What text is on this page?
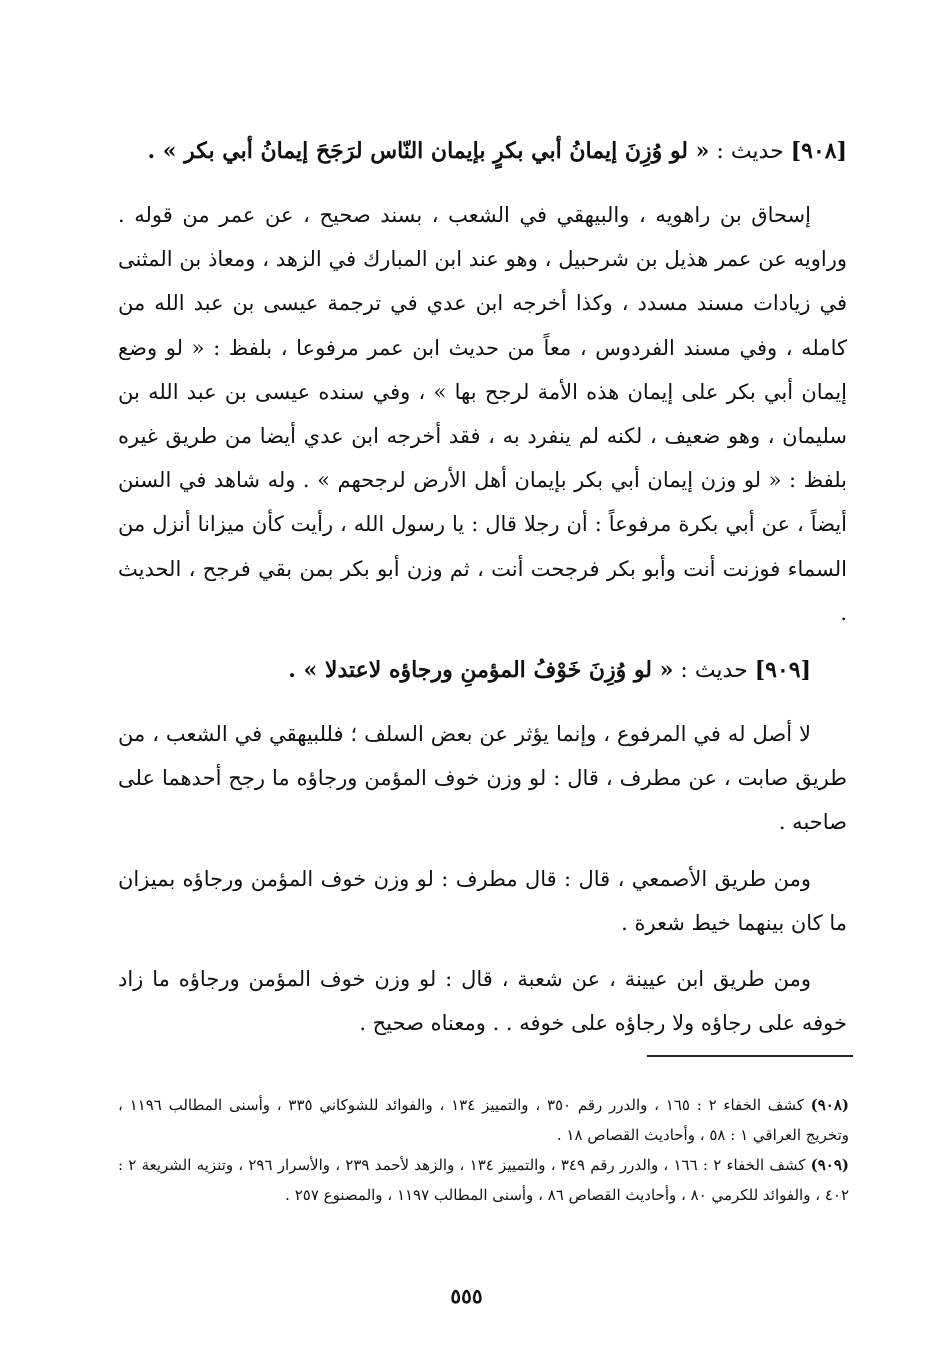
[٩٠٨] حديث : « لو وُزِنَ إيمانُ أبي بكرٍ بإيمان النّاس لرَجَحَ إيمانُ أبي بكر » .

إسحاق بن راهويه ، والبيهقي في الشعب ، بسند صحيح ، عن عمر من قوله . وراويه عن عمر هذيل بن شرحبيل ، وهو عند ابن المبارك في الزهد ، ومعاذ بن المثنى في زيادات مسند مسدد ، وكذا أخرجه ابن عدي في ترجمة عيسى بن عبد الله من كامله ، وفي مسند الفردوس ، معاً من حديث ابن عمر مرفوعا ، بلفظ : « لو وضع إيمان أبي بكر على إيمان هذه الأمة لرجح بها » ، وفي سنده عيسى بن عبد الله بن سليمان ، وهو ضعيف ، لكنه لم ينفرد به ، فقد أخرجه ابن عدي أيضا من طريق غيره بلفظ : « لو وزن إيمان أبي بكر بإيمان أهل الأرض لرجحهم » . وله شاهد في السنن أيضاً ، عن أبي بكرة مرفوعاً : أن رجلا قال : يا رسول الله ، رأيت كأن ميزانا أنزل من السماء فوزنت أنت وأبو بكر فرجحت أنت ، ثم وزن أبو بكر بمن بقي فرجح ، الحديث .

[٩٠٩] حديث : « لو وُزِنَ خَوْفُ المؤمنِ ورجاؤه لاعتدلا » .

لا أصل له في المرفوع ، وإنما يؤثر عن بعض السلف ؛ فللبيهقي في الشعب ، من طريق صابت ، عن مطرف ، قال : لو وزن خوف المؤمن ورجاؤه ما رجح أحدهما على صاحبه .

ومن طريق الأصمعي ، قال : قال مطرف : لو وزن خوف المؤمن ورجاؤه بميزان ما كان بينهما خيط شعرة .

ومن طريق ابن عيينة ، عن شعبة ، قال : لو وزن خوف المؤمن ورجاؤه ما زاد خوفه على رجاؤه ولا رجاؤه على خوفه . . ومعناه صحيح .

(٩٠٨) كشف الخفاء ٢ : ١٦٥ ، والدرر رقم ٣٥٠ ، والتمييز ١٣٤ ، والفوائد للشوكاني ٣٣٥ ، وأسنى المطالب ١١٩٦ ، وتخريج العراقي ١ : ٥٨ ، وأحاديث القصاص ١٨ .

(٩٠٩) كشف الخفاء ٢ : ١٦٦ ، والدرر رقم ٣٤٩ ، والتمييز ١٣٤ ، والزهد لأحمد ٢٣٩ ، والأسرار ٢٩٦ ، وتنزيه الشريعة ٢ : ٤٠٢ ، والفوائد للكرمي ٨٠ ، وأحاديث القصاص ٨٦ ، وأسنى المطالب ١١٩٧ ، والمصنوع ٢٥٧ .

٥٥٥
